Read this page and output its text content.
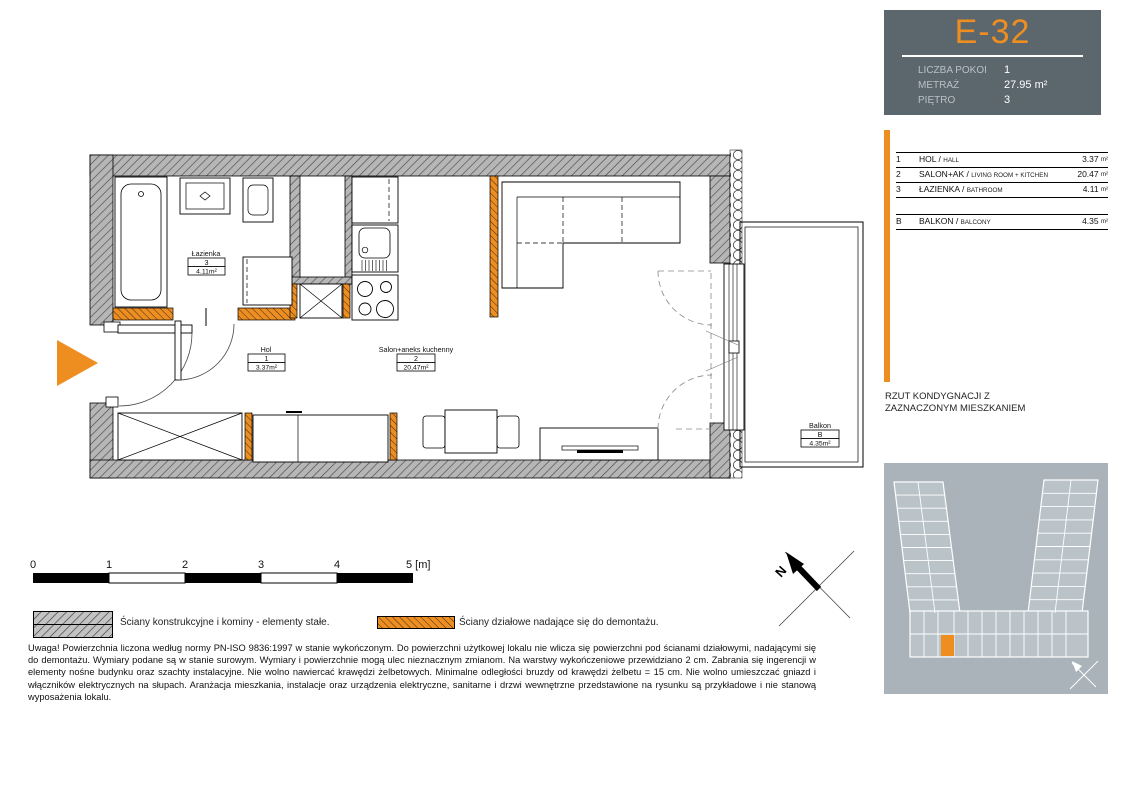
Łazienka
3
4.11m²
Hol
1
3.37m²
Salon+aneks kuchenny
2
20,47m²
Balkon
B
4.35m²
N
0	1	2	3	4	5 [m]
Ściany konstrukcyjne i kominy - elementy stałe.	Ściany działowe nadające się do demontażu.
Uwaga! Powierzchnia liczona według normy PN-ISO 9836:1997 w stanie wykończonym. Do powierzchni użytkowej lokalu nie wlicza się powierzchni pod ścianami działowymi, nadającymi się do demontażu. Wymiary podane są w stanie surowym. Wymiary i powierzchnie mogą ulec nieznacznym zmianom. Na warstwy wykończeniowe przewidziano 2 cm. Zabrania się ingerencji w elementy nośne budynku oraz szachty instalacyjne. Nie wolno nawiercać krawędzi żelbetowych. Minimalne odległości bruzdy od krawędzi żelbetu = 15 cm. Nie wolno umieszczać gniazd i włączników elektrycznych na słupach. Aranżacja mieszkania, instalacje oraz urządzenia elektryczne, sanitarne i drzwi wewnętrzne przedstawione na rysunku są przykładowe i nie stanową wyposażenia lokalu.
E-32
LICZBA POKOI	1
METRAŻ	27.95 m²
PIĘTRO	3
1	HOL / HALL	3.37 m²
2	SALON+AK / LIVING ROOM + KITCHEN	20.47 m²
3	ŁAZIENKA / BATHROOM	4.11 m²
B	BALKON / BALCONY	4.35 m²
RZUT KONDYGNACJI Z ZAZNACZONYM MIESZKANIEM
